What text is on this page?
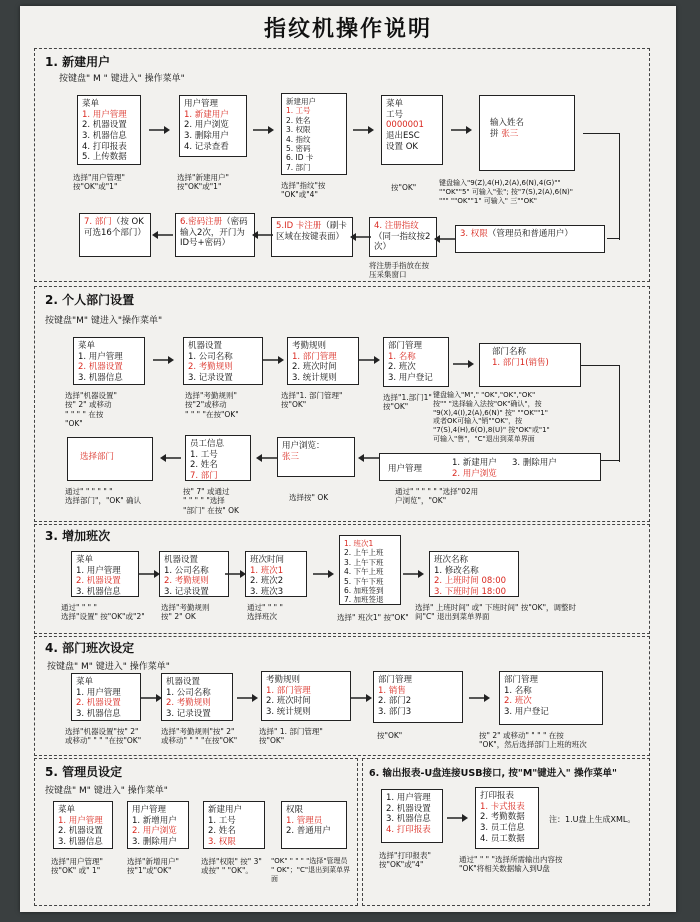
指纹机操作说明
1. 新建用户
按键盘" M " 键进入" 操作菜单"
菜单
1. 用户管理
2. 机器设置
3. 机器信息
4. 打印报表
5. 上传数据
选择"用户管理"
按"OK"或"1"
用户管理
1. 新建用户
2. 用户浏览
3. 删除用户
4. 记录查看
选择"新建用户"
按"OK"或"1"
新建用户
1. 工号
2. 姓名
3. 权限
4. 指纹
5. 密码
6. ID 卡
7. 部门
选择"指纹"按
"OK"或"4"
菜单
工号
0000001
退出ESC
设置 OK
按"OK"
输入姓名
拼 张三
键盘输入"9(Z),4(H),2(A),6(N),4(G)""
""OK""5" 可输入"张"; 按"7(S),2(A),6(N)"
""" ""OK""1" 可输入" 三""OK"
7. 部门（按 OK 可选16个部门）
6.密码注册（密码输入2次，开门为ID号+密码）
5.ID 卡注册（刷卡区域在按键表面）
4. 注册指纹（同一指纹按2次）
将注册手指放在按
压采集窗口
3. 权限（管理员和普通用户）
2. 个人部门设置
按键盘"M" 键进入"操作菜单"
菜单
1. 用户管理
2. 机器设置
3. 机器信息
选择"机器设置"
按" 2" 或移动
" " " " 在按
"OK"
机器设置
1. 公司名称
2. 考勤规则
3. 记录设置
选择"考勤规则"
按"2"或移动
" " " "在按"OK"
考勤规则
1. 部门管理
2. 班次时间
3. 统计规则
选择"1. 部门管理"
按"OK"
部门管理
1. 名称
2. 班次
3. 用户登记
选择"1.部门1"
按"OK"
部门名称
1. 部门1(销售)
键盘输入"M"," "OK","OK","OK"
按"" "选择输入法按"OK"确认"，按
"9(X),4(I),2(A),6(N)" 按" ""OK""1"
或者OK可输入"销""OK"，按
"7(S),4(H),6(O),8(U)" 按"OK"或"1"
可输入"售"，"C"退出到菜单界面
用户管理
1. 新建用户
2. 用户浏览
3. 删除用户
通过" " " " " "选择"02用
户浏览"，"OK"
用户浏览：
张三
选择按" OK
员工信息
1. 工号
2. 姓名
7. 部门
按" 7" 或通过
" " " " "选择
"部门" 在按" OK
选择部门
通过" " " " " "
选择部门"，"OK" 确认
3. 增加班次
菜单
1. 用户管理
2. 机器设置
3. 机器信息
通过" " " "
选择"设置" 按"OK"或"2"
机器设置
1. 公司名称
2. 考勤规则
3. 记录设置
选择"考勤规则
按" 2" OK
班次时间
1. 班次1
2. 班次2
3. 班次3
通过" " " "
选择班次
1. 班次1
2. 上午上班
3. 上午下班
4. 下午上班
5. 下午下班
6. 加班签到
7. 加班签退
选择" 班次1" 按"OK"
班次名称
1. 修改名称
2. 上班时间 08:00
3. 下班时间 18:00
选择" 上班时间" 或" 下班时间" 按"OK"，调整时
间"C" 退出到菜单界面
4. 部门班次设定
按键盘" M" 键进入" 操作菜单"
菜单
1. 用户管理
2. 机器设置
3. 机器信息
选择"机器设置"按" 2"
或移动" " " "在按"OK"
机器设置
1. 公司名称
2. 考勤规则
3. 记录设置
选择"考勤规则"按" 2"
或移动" " " "在按"OK"
考勤规则
1. 部门管理
2. 班次时间
3. 统计规则
选择" 1. 部门管理"
按"OK"
部门管理
1. 销售
2. 部门2
3. 部门3
按"OK"
部门管理
1. 名称
2. 班次
3. 用户登记
按" 2" 或移动" " " " 在按
"OK"，然后选择部门上班的班次
5. 管理员设定
按键盘" M" 键进入" 操作菜单"
菜单
1. 用户管理
2. 机器设置
3. 机器信息
选择"用户管理"
按"OK" 或" 1"
用户管理
1. 新增用户
2. 用户浏览
3. 删除用户
选择"新增用户"
按"1"或"OK"
新建用户
1. 工号
2. 姓名
3. 权限
选择"权限" 按" 3"
或按" " "OK"。
权限
1. 管理员
2. 普通用户
"OK" " " " "选择"管理员
" OK"；"C"退出到菜单界面
6. 输出报表-U盘连接USB接口, 按"M"键进入" 操作菜单"
1. 用户管理
2. 机器设置
3. 机器信息
4. 打印报表
选择"打印报表"
按"OK"或"4"
打印报表
1. 卡式报表
2. 考勤数据
3. 员工信息
4. 员工数据
注：1.U盘上生成XML。
通过" " " "选择所需输出内容按
"OK"将相关数据输入到U盘
